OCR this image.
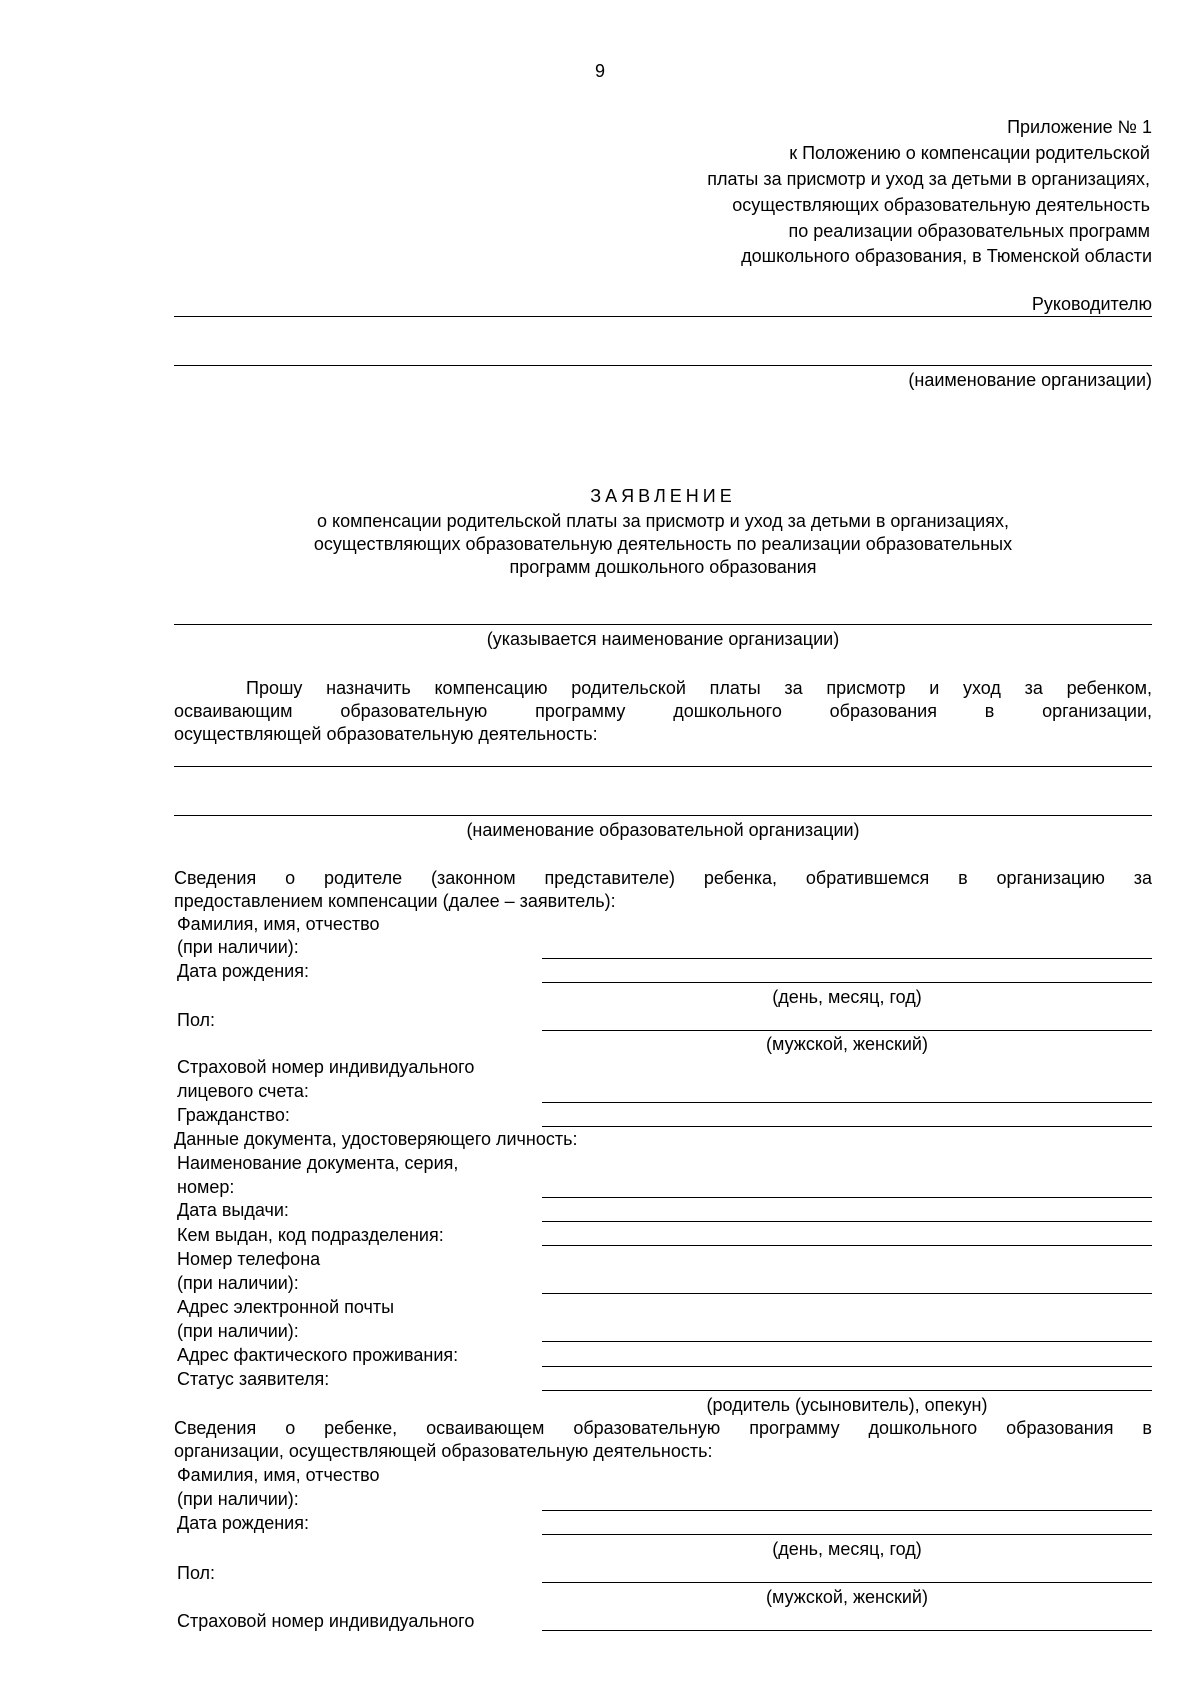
9
Приложение № 1
к Положению о компенсации родительской
платы за присмотр и уход за детьми в организациях,
осуществляющих образовательную деятельность
по реализации образовательных программ
дошкольного образования, в Тюменской области
Руководителю
(наименование организации)
ЗАЯВЛЕНИЕ
о компенсации родительской платы за присмотр и уход за детьми в организациях,
осуществляющих образовательную деятельность по реализации образовательных
программ дошкольного образования
(указывается наименование организации)
Прошу назначить компенсацию родительской платы за присмотр и уход за ребенком,
осваивающим образовательную программу дошкольного образования в организации,
осуществляющей образовательную деятельность:
(наименование образовательной организации)
Сведения о родителе (законном представителе) ребенка, обратившемся в организацию за
предоставлением компенсации (далее – заявитель):
Фамилия, имя, отчество
(при наличии):
Дата рождения:
(день, месяц, год)
Пол:
(мужской, женский)
Страховой номер индивидуального
лицевого счета:
Гражданство:
Данные документа, удостоверяющего личность:
Наименование документа, серия,
номер:
Дата выдачи:
Кем выдан, код подразделения:
Номер телефона
(при наличии):
Адрес электронной почты
(при наличии):
Адрес фактического проживания:
Статус заявителя:
(родитель (усыновитель), опекун)
Сведения о ребенке, осваивающем образовательную программу дошкольного образования в
организации, осуществляющей образовательную деятельность:
Фамилия, имя, отчество
(при наличии):
Дата рождения:
(день, месяц, год)
Пол:
(мужской, женский)
Страховой номер индивидуального
